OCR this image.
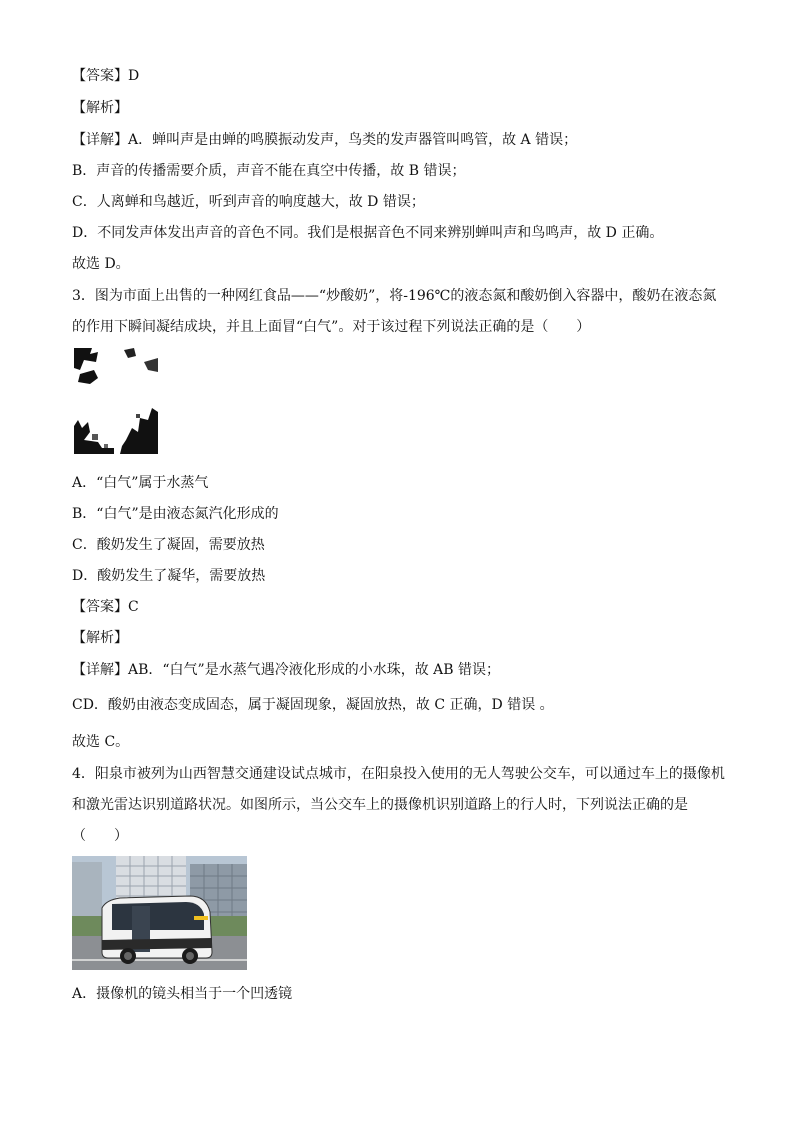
【答案】D
【解析】
【详解】A．蝉叫声是由蝉的鸣膜振动发声，鸟类的发声器管叫鸣管，故 A 错误；
B．声音的传播需要介质，声音不能在真空中传播，故 B 错误；
C．人离蝉和鸟越近，听到声音的响度越大，故 D 错误；
D．不同发声体发出声音的音色不同。我们是根据音色不同来辨别蝉叫声和鸟鸣声，故 D 正确。
故选 D。
3．图为市面上出售的一种网红食品——“炒酸奶”，将-196℃的液态氮和酸奶倒入容器中，酸奶在液态氮
的作用下瞬间凝结成块，并且上面冒“白气”。对于该过程下列说法正确的是（　　）
A．“白气”属于水蒸气
B．“白气”是由液态氮汽化形成的
C．酸奶发生了凝固，需要放热
D．酸奶发生了凝华，需要放热
【答案】C
【解析】
【详解】AB．“白气”是水蒸气遇冷液化形成的小水珠，故 AB 错误；
CD．酸奶由液态变成固态，属于凝固现象，凝固放热，故 C 正确，D 错误 。
故选 C。
4．阳泉市被列为山西智慧交通建设试点城市，在阳泉投入使用的无人驾驶公交车，可以通过车上的摄像机
和激光雷达识别道路状况。如图所示，当公交车上的摄像机识别道路上的行人时，下列说法正确的是
（　　）
A．摄像机的镜头相当于一个凹透镜
